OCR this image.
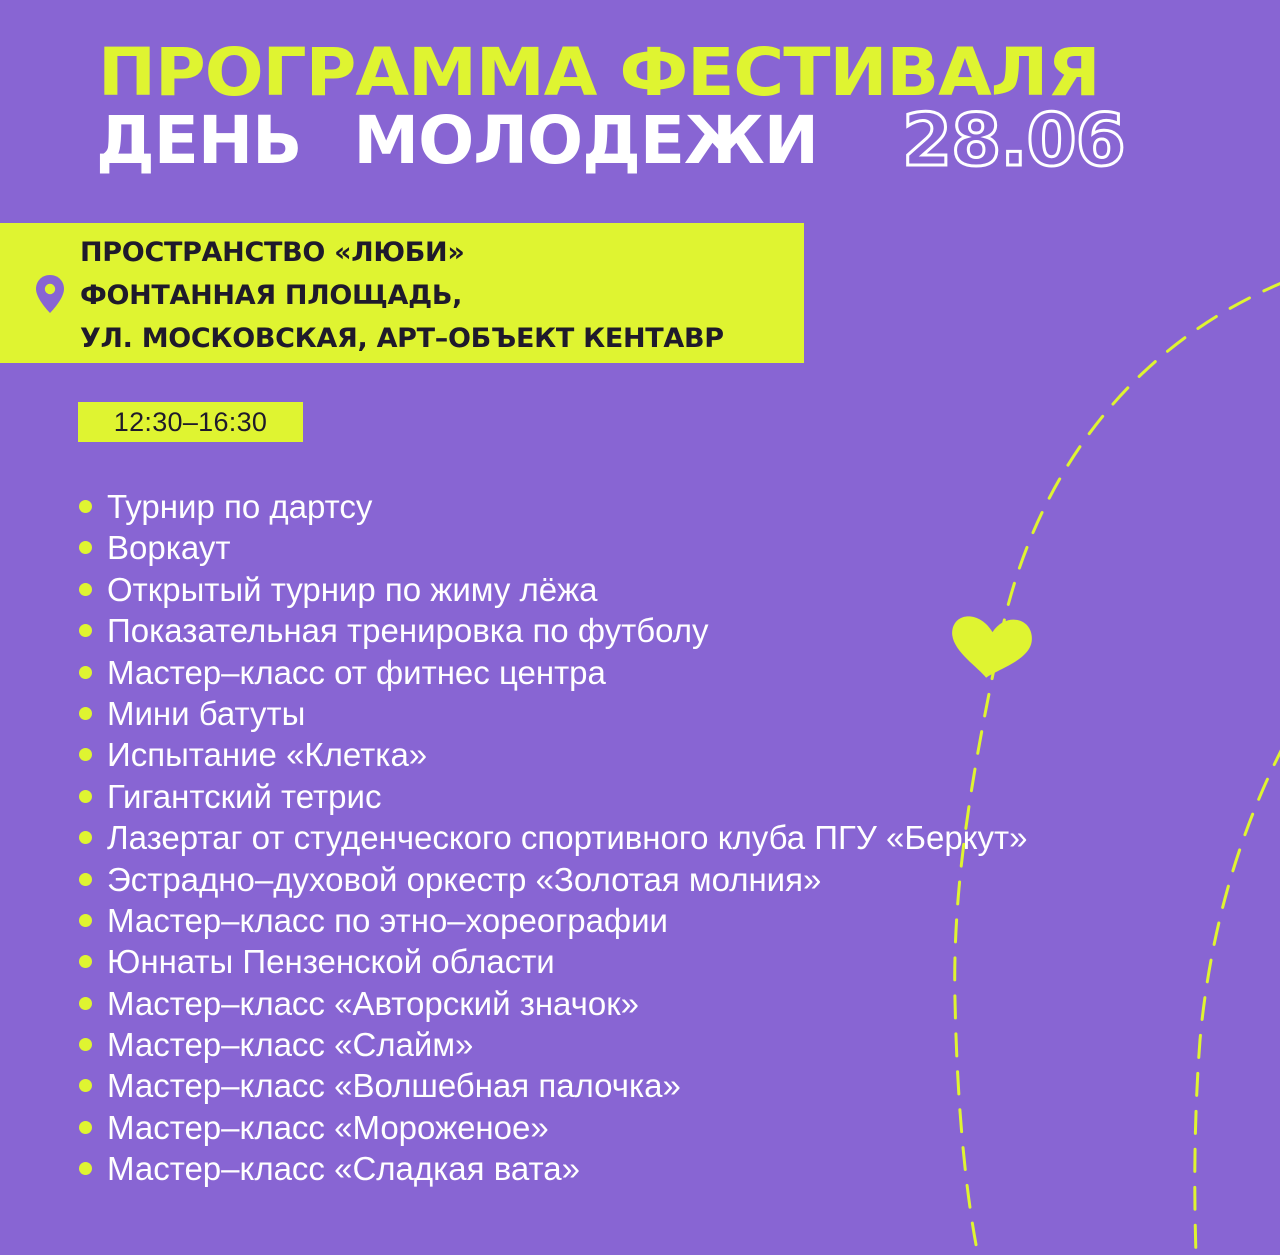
ПРОГРАММА ФЕСТИВАЛЯ
ДЕНЬ МОЛОДЕЖИ 28.06
ПРОСТРАНСТВО «ЛЮБИ»
ФОНТАННАЯ ПЛОЩАДЬ,
УЛ. МОСКОВСКАЯ, АРТ–ОБЪЕКТ КЕНТАВР
12:30–16:30
Турнир по дартсу
Воркаут
Открытый турнир по жиму лёжа
Показательная тренировка по футболу
Мастер–класс от фитнес центра
Мини батуты
Испытание «Клетка»
Гигантский тетрис
Лазертаг от студенческого спортивного клуба ПГУ «Беркут»
Эстрадно–духовой оркестр «Золотая молния»
Мастер–класс по этно–хореографии
Юннаты Пензенской области
Мастер–класс «Авторский значок»
Мастер–класс «Слайм»
Мастер–класс «Волшебная палочка»
Мастер–класс «Мороженое»
Мастер–класс «Сладкая вата»
